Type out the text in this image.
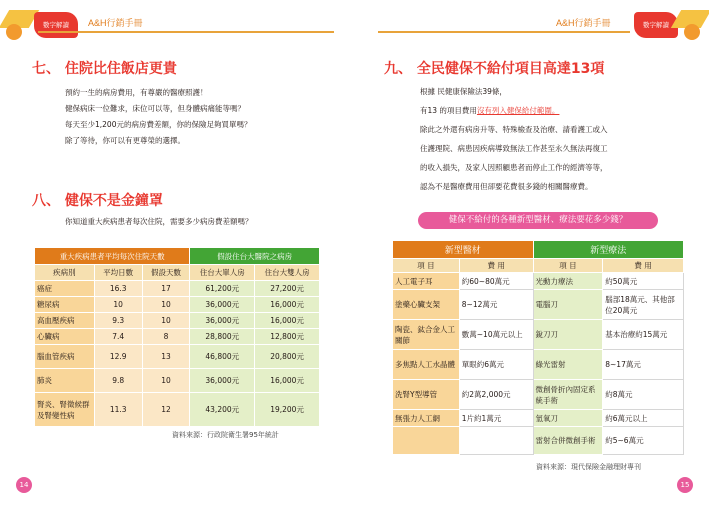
數字解讀	A&H行銷手冊	A&H行銷手冊	數字解讀
七、 住院比住飯店更貴

預約一生的病房費用，有尊嚴的醫療照護！

健保病床一位難求，床位可以等，但身體病痛能等嗎？

每天至少1,200元的病房費差額，你的保險足夠買單嗎？

除了等待，你可以有更尊榮的選擇。

八、 健保不是金鐘罩
你知道重大疾病患者每次住院，需要多少病房費差額嗎？
重大疾病患者平均每次住院天數			假設住台大醫院之病房	
疾病別	平均日數	假設天數	住台大單人房	住台大雙人房
癌症	16.3	17	61,200元	27,200元
糖尿病	10	10	36,000元	16,000元
高血壓疾病	9.3	10	36,000元	16,000元
心臟病	7.4	8	28,800元	12,800元
腦血管疾病	12.9	13	46,800元	20,800元
肺炎	9.8	10	36,000元	16,000元
腎炎、腎徵候群及腎變性病	11.3	12	43,200元	19,200元
資料來源：行政院衛生署95年統計
九、 全民健保不給付項目高達13項

根據 民健康保險法39條，

有13 的項目費用沒有列入健保給付範圍。

除此之外還有病房升等、特殊檢查及治療、請看護工或入

住護理院、病患因疾病導致無法工作甚至永久無法再復工

的收入損失，及家人因照顧患者而停止工作的經濟等等，

認為不是醫療費用但卻要花費很多錢的相關醫療費。

健保不給付的各種新型醫材、療法要花多少錢？
新型醫材		新型療法	
項 目	費 用	項 目	費 用
人工電子耳	約60~80萬元	光動力療法	約50萬元
塗藥心臟支架	8~12萬元	電腦刀	腦部18萬元、其他部位20萬元
陶瓷、鈦合金人工關節	數萬~10萬元以上	銳刀刀	基本治療約15萬元
多焦點人工水晶體	單眼約6萬元	綠光雷射	8~17萬元
洗腎Y型導管	約2萬2,000元	微創骨折內固定系統手術	約8萬元
無張力人工網	1片約1萬元	氫氧刀	約6萬元以上
		雷射合併微創手術	約5~6萬元
資料來源：現代保險金融理財專刊
14	15
